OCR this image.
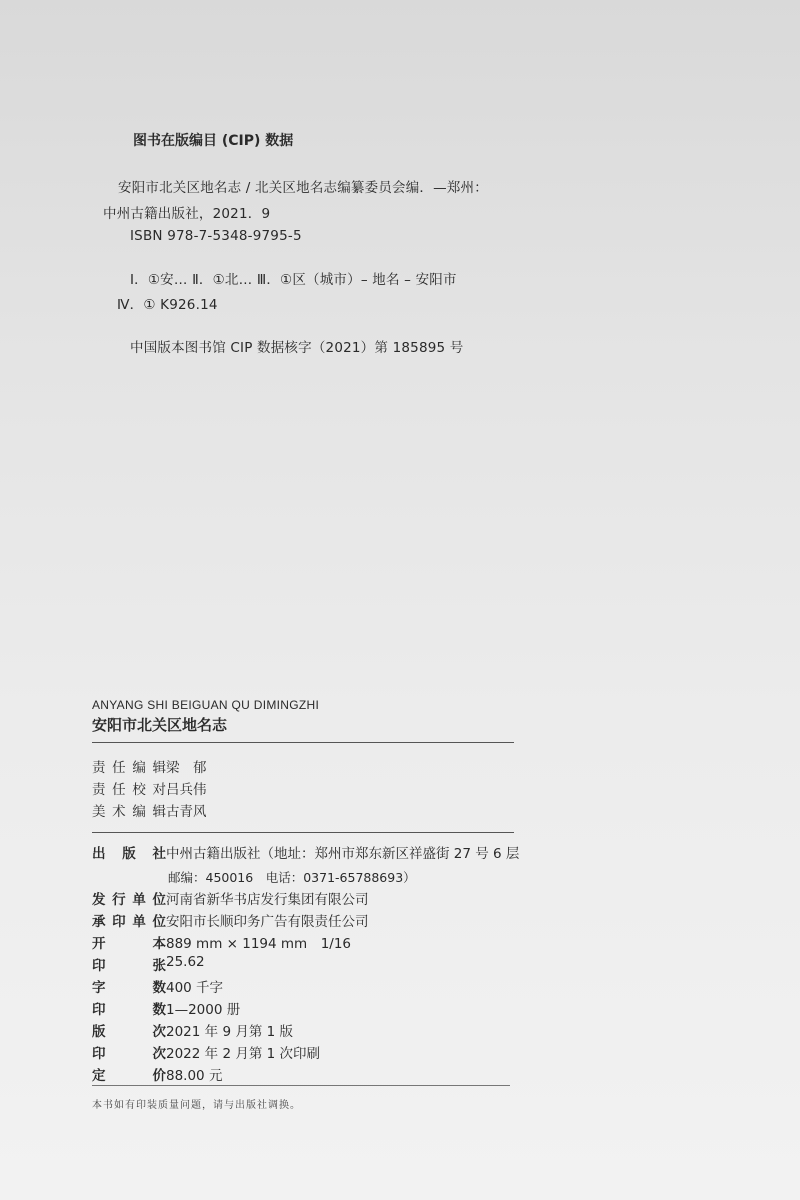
图书在版编目 (CIP) 数据
安阳市北关区地名志 / 北关区地名志编纂委员会编．—郑州：
中州古籍出版社，2021．9
ISBN 978-7-5348-9795-5
Ⅰ．①安… Ⅱ．①北… Ⅲ．①区（城市）– 地名 – 安阳市
Ⅳ．① K926.14
中国版本图书馆 CIP 数据核字（2021）第 185895 号
ANYANG SHI BEIGUAN QU DIMINGZHI
安阳市北关区地名志
责任编辑 梁　郁
责任校对 吕兵伟
美术编辑 古青风
出 版 社 中州古籍出版社（地址：郑州市郑东新区祥盛街 27 号 6 层
邮编：450016　电话：0371-65788693）
发行单位 河南省新华书店发行集团有限公司
承印单位 安阳市长顺印务广告有限责任公司
开　　本 889 mm × 1194 mm　1/16
印　　张 25.62
字　　数 400 千字
印　　数 1—2000 册
版　　次 2021 年 9 月第 1 版
印　　次 2022 年 2 月第 1 次印刷
定　　价 88.00 元
本书如有印装质量问题，请与出版社调换。
